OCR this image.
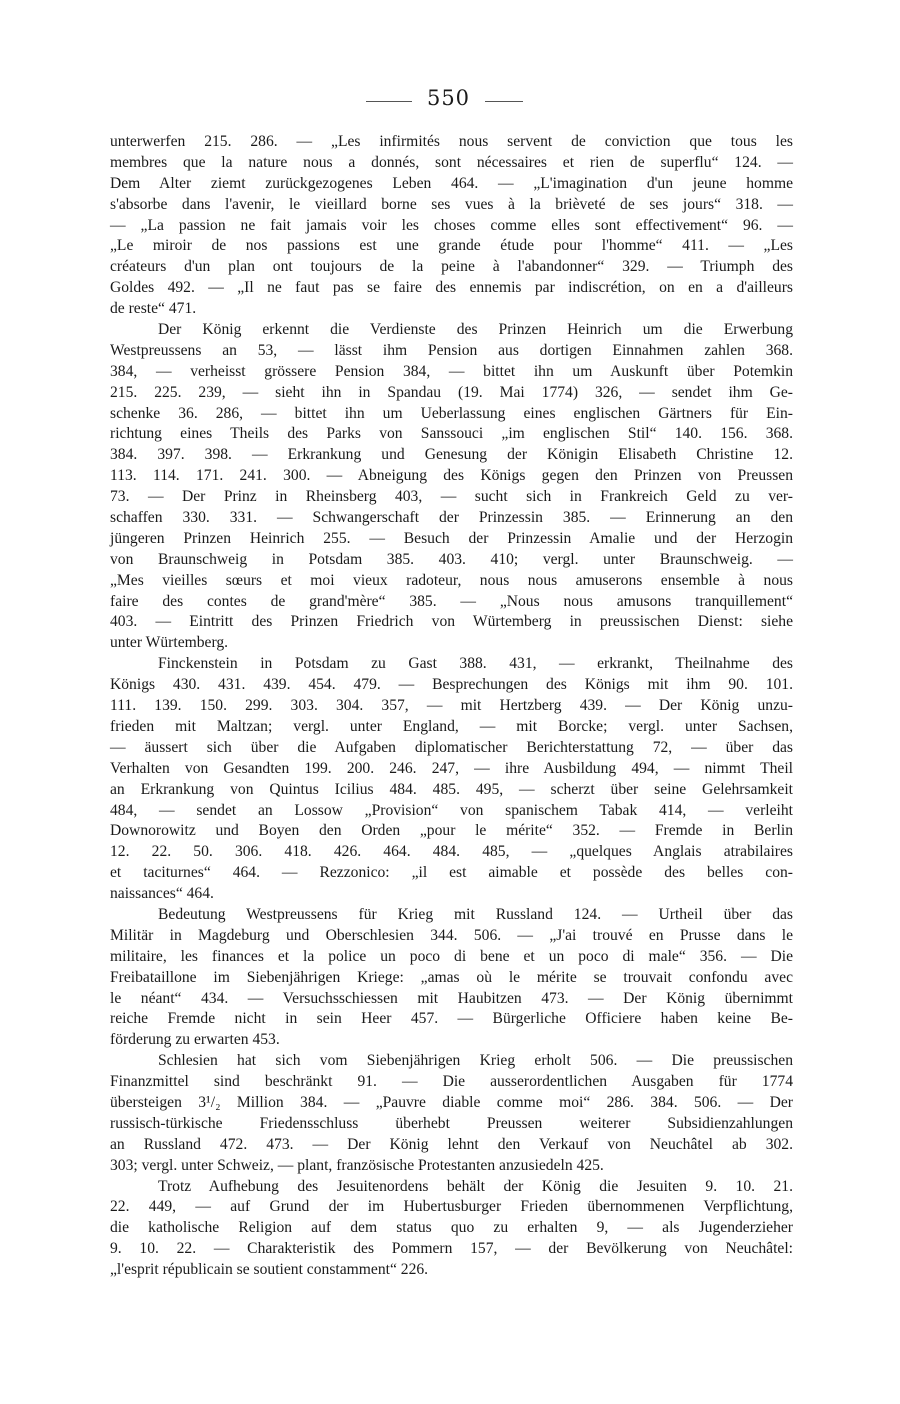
550
unterwerfen 215. 286. — „Les infirmités nous servent de conviction que tous les
membres que la nature nous a donnés, sont nécessaires et rien de superflu“ 124. —
Dem Alter ziemt zurückgezogenes Leben 464. — „L'imagination d'un jeune homme
s'absorbe dans l'avenir, le vieillard borne ses vues à la brièveté de ses jours“ 318. —
— „La passion ne fait jamais voir les choses comme elles sont effectivement“ 96. —
„Le miroir de nos passions est une grande étude pour l'homme“ 411. — „Les
créateurs d'un plan ont toujours de la peine à l'abandonner“ 329. — Triumph des
Goldes 492. — „Il ne faut pas se faire des ennemis par indiscrétion, on en a d'ailleurs
de reste“ 471.
Der König erkennt die Verdienste des Prinzen Heinrich um die Erwerbung
Westpreussens an 53, — lässt ihm Pension aus dortigen Einnahmen zahlen 368.
384, — verheisst grössere Pension 384, — bittet ihn um Auskunft über Potemkin
215. 225. 239, — sieht ihn in Spandau (19. Mai 1774) 326, — sendet ihm Ge-
schenke 36. 286, — bittet ihn um Ueberlassung eines englischen Gärtners für Ein-
richtung eines Theils des Parks von Sanssouci „im englischen Stil“ 140. 156. 368.
384. 397. 398. — Erkrankung und Genesung der Königin Elisabeth Christine 12.
113. 114. 171. 241. 300. — Abneigung des Königs gegen den Prinzen von Preussen
73. — Der Prinz in Rheinsberg 403, — sucht sich in Frankreich Geld zu ver-
schaffen 330. 331. — Schwangerschaft der Prinzessin 385. — Erinnerung an den
jüngeren Prinzen Heinrich 255. — Besuch der Prinzessin Amalie und der Herzogin
von Braunschweig in Potsdam 385. 403. 410; vergl. unter Braunschweig. —
„Mes vieilles sœurs et moi vieux radoteur, nous nous amuserons ensemble à nous
faire des contes de grand'mère“ 385. — „Nous nous amusons tranquillement“
403. — Eintritt des Prinzen Friedrich von Würtemberg in preussischen Dienst: siehe
unter Würtemberg.
Finckenstein in Potsdam zu Gast 388. 431, — erkrankt, Theilnahme des
Königs 430. 431. 439. 454. 479. — Besprechungen des Königs mit ihm 90. 101.
111. 139. 150. 299. 303. 304. 357, — mit Hertzberg 439. — Der König unzu-
frieden mit Maltzan; vergl. unter England, — mit Borcke; vergl. unter Sachsen,
— äussert sich über die Aufgaben diplomatischer Berichterstattung 72, — über das
Verhalten von Gesandten 199. 200. 246. 247, — ihre Ausbildung 494, — nimmt Theil
an Erkrankung von Quintus Icilius 484. 485. 495, — scherzt über seine Gelehrsamkeit
484, — sendet an Lossow „Provision“ von spanischem Tabak 414, — verleiht
Downorowitz und Boyen den Orden „pour le mérite“ 352. — Fremde in Berlin
12. 22. 50. 306. 418. 426. 464. 484. 485, — „quelques Anglais atrabilaires
et taciturnes“ 464. — Rezzonico: „il est aimable et possède des belles con-
naissances“ 464.
Bedeutung Westpreussens für Krieg mit Russland 124. — Urtheil über das
Militär in Magdeburg und Oberschlesien 344. 506. — „J'ai trouvé en Prusse dans le
militaire, les finances et la police un poco di bene et un poco di male“ 356. — Die
Freibataillone im Siebenjährigen Kriege: „amas où le mérite se trouvait confondu avec
le néant“ 434. — Versuchsschiessen mit Haubitzen 473. — Der König übernimmt
reiche Fremde nicht in sein Heer 457. — Bürgerliche Officiere haben keine Be-
förderung zu erwarten 453.
Schlesien hat sich vom Siebenjährigen Krieg erholt 506. — Die preussischen
Finanzmittel sind beschränkt 91. — Die ausserordentlichen Ausgaben für 1774
übersteigen 3¹/₂ Million 384. — „Pauvre diable comme moi“ 286. 384. 506. — Der
russisch-türkische Friedensschluss überhebt Preussen weiterer Subsidienzahlungen
an Russland 472. 473. — Der König lehnt den Verkauf von Neuchâtel ab 302.
303; vergl. unter Schweiz, — plant, französische Protestanten anzusiedeln 425.
Trotz Aufhebung des Jesuitenordens behält der König die Jesuiten 9. 10. 21.
22. 449, — auf Grund der im Hubertusburger Frieden übernommenen Verpflichtung,
die katholische Religion auf dem status quo zu erhalten 9, — als Jugenderzieher
9. 10. 22. — Charakteristik des Pommern 157, — der Bevölkerung von Neuchâtel:
„l'esprit républicain se soutient constamment“ 226.
